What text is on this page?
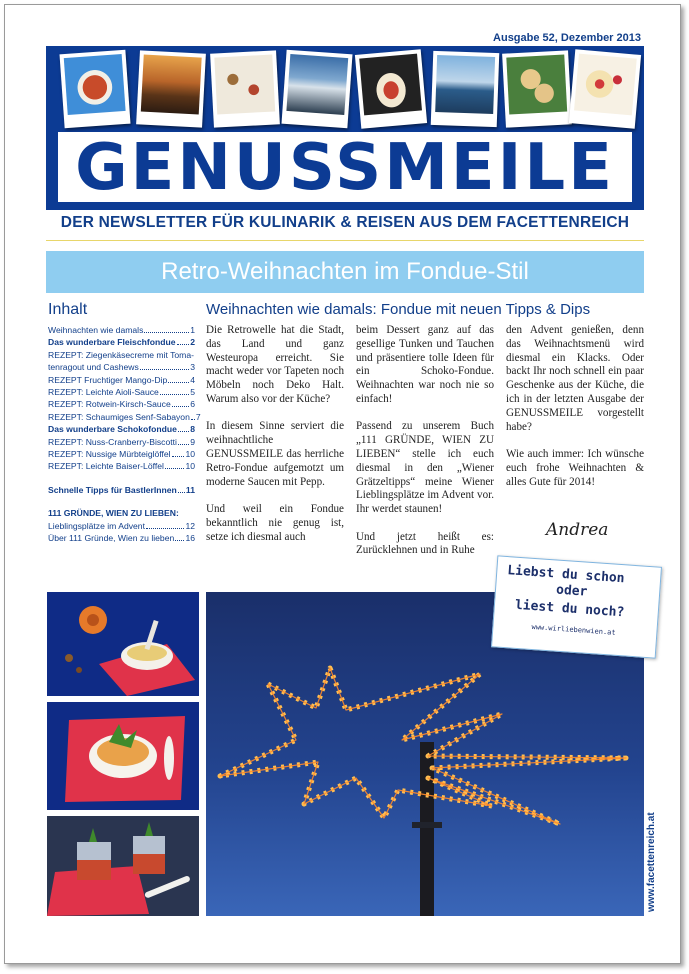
Ausgabe 52, Dezember 2013
GENUSSMEILE
DER NEWSLETTER FÜR KULINARIK & REISEN AUS DEM FACETTENREICH
Retro-Weihnachten im Fondue-Stil
Inhalt
Weihnachten wie damals	1
Das wunderbare Fleischfondue 2
REZEPT: Ziegenkäsecreme mit Toma-
tenragout und Cashews	3
REZEPT Fruchtiger Mango-Dip	4
REZEPT: Leichte Aioli-Sauce	5
REZEPT: Rotwein-Kirsch-Sauce 6
REZEPT: Schaumiges Senf-Sabayon 7
Das wunderbare Schokofondue 8
REZEPT: Nuss-Cranberry-Biscotti 9
REZEPT: Nussige Mürbteiglöffel 10
REZEPT: Leichte Baiser-Löffel	10
Schnelle Tipps für BastlerInnen 11
111 GRÜNDE, WIEN ZU LIEBEN:
Lieblingsplätze im Advent	12
Über 111 Gründe, Wien zu lieben 16
Weihnachten wie damals: Fondue mit neuen Tipps & Dips

Die Retrowelle hat die Stadt, das Land und ganz Westeuropa erreicht. Sie macht weder vor Tapeten noch Möbeln noch Deko Halt. Warum also vor der Küche?

In diesem Sinne serviert die weihnachtliche GENUSSMEILE das herrliche Retro-Fondue aufgemotzt um moderne Saucen mit Pepp.

Und weil ein Fondue bekanntlich nie genug ist, setze ich diesmal auch

beim Dessert ganz auf das gesellige Tunken und Tauchen und präsentiere tolle Ideen für ein Schoko-Fondue. Weihnachten war noch nie so einfach!

Passend zu unserem Buch „111 GRÜNDE, WIEN ZU LIEBEN“ stelle ich euch diesmal in den „Wiener Grätzeltipps“ meine Wiener Lieblingsplätze im Advent vor. Ihr werdet staunen!

Und jetzt heißt es: Zurücklehnen und in Ruhe

den Advent genießen, denn das Weihnachtsmenü wird diesmal ein Klacks. Oder backt Ihr noch schnell ein paar Geschenke aus der Küche, die ich in der letzten Ausgabe der GENUSSMEILE vorgestellt habe?

Wie auch immer: Ich wünsche euch frohe Weihnachten & alles Gute für 2014!

Andrea
Liebst du schon
oder
liest du noch?
www.wirliebenwien.at
www.facettenreich.at
